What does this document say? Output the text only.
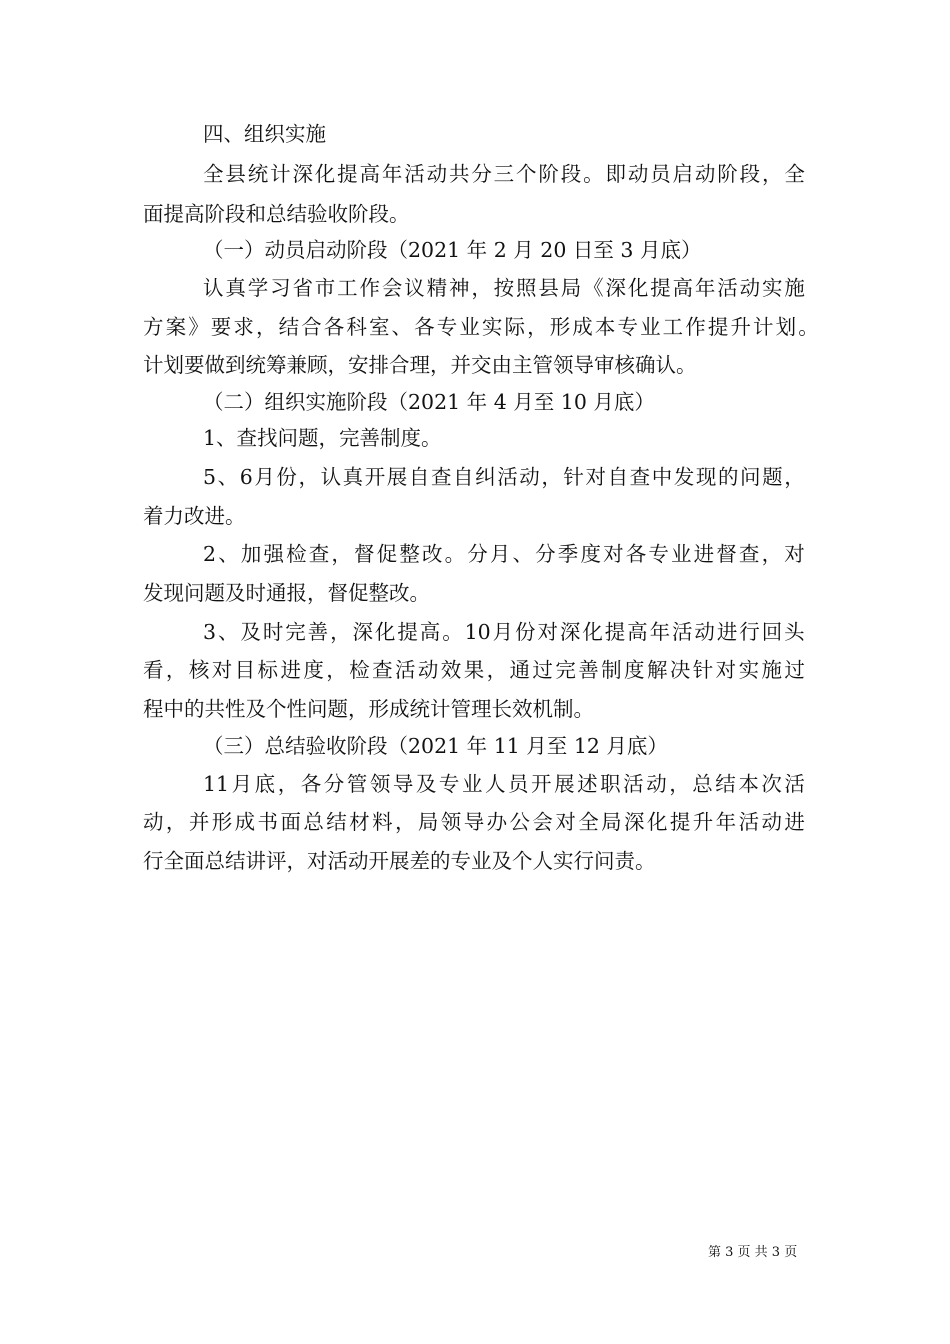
四、组织实施
全 县 统 计 深 化 提 高 年 活 动 共 分 三 个 阶 段 。 即 动 员 启 动 阶 段 ， 全
面提高阶段和总结验收阶段。
（一）动员启动阶段（2021 年 2 月 20 日至 3 月底）
认 真 学 习 省 市 工 作 会 议 精 神 ， 按 照 县 局 《 深 化 提 高 年 活 动 实 施
方 案 》 要 求 ， 结 合 各 科 室 、 各 专 业 实 际 ， 形 成 本 专 业 工 作 提 升 计 划 。
计划要做到统筹兼顾，安排合理，并交由主管领导审核确认。
（二）组织实施阶段（2021 年 4 月至 10 月底）
1、查找问题，完善制度。
5 、 6 月 份 ， 认 真 开 展 自 查 自 纠 活 动 ， 针 对 自 查 中 发 现 的 问 题 ，
着力改进。
2 、 加 强 检 查 ， 督 促 整 改 。 分 月 、 分 季 度 对 各 专 业 进 督 查 ， 对
发现问题及时通报，督促整改。
3 、 及 时 完 善 ， 深 化 提 高 。 10 月 份 对 深 化 提 高 年 活 动 进 行 回 头
看 ， 核 对 目 标 进 度 ， 检 查 活 动 效 果 ， 通 过 完 善 制 度 解 决 针 对 实 施 过
程中的共性及个性问题，形成统计管理长效机制。
（三）总结验收阶段（2021 年 11 月至 12 月底）
11 月 底 ， 各 分 管 领 导 及 专 业 人 员 开 展 述 职 活 动 ， 总 结 本 次 活
动 ， 并 形 成 书 面 总 结 材 料 ， 局 领 导 办 公 会 对 全 局 深 化 提 升 年 活 动 进
行全面总结讲评，对活动开展差的专业及个人实行问责。
第 3 页 共 3 页
